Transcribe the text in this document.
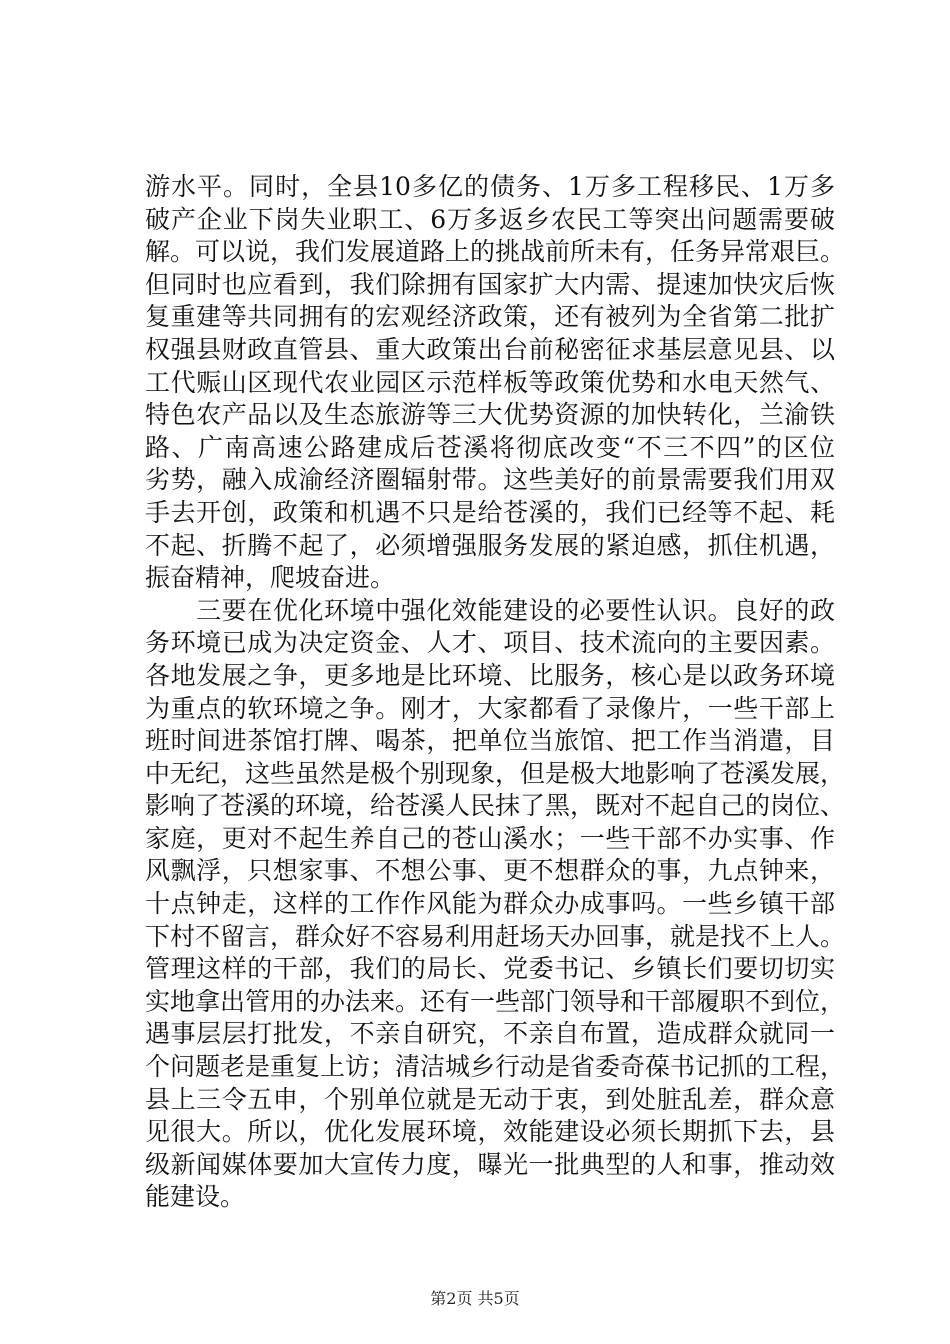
游水平。同时，全县10多亿的债务、1万多工程移民、1万多
破产企业下岗失业职工、6万多返乡农民工等突出问题需要破
解。可以说，我们发展道路上的挑战前所未有，任务异常艰巨。
但同时也应看到，我们除拥有国家扩大内需、提速加快灾后恢
复重建等共同拥有的宏观经济政策，还有被列为全省第二批扩
权强县财政直管县、重大政策出台前秘密征求基层意见县、以
工代赈山区现代农业园区示范样板等政策优势和水电天然气、
特色农产品以及生态旅游等三大优势资源的加快转化，兰渝铁
路、广南高速公路建成后苍溪将彻底改变“不三不四”的区位
劣势，融入成渝经济圈辐射带。这些美好的前景需要我们用双
手去开创，政策和机遇不只是给苍溪的，我们已经等不起、耗
不起、折腾不起了，必须增强服务发展的紧迫感，抓住机遇，
振奋精神，爬坡奋进。
　　三要在优化环境中强化效能建设的必要性认识。良好的政
务环境已成为决定资金、人才、项目、技术流向的主要因素。
各地发展之争，更多地是比环境、比服务，核心是以政务环境
为重点的软环境之争。刚才，大家都看了录像片，一些干部上
班时间进茶馆打牌、喝茶，把单位当旅馆、把工作当消遣，目
中无纪，这些虽然是极个别现象，但是极大地影响了苍溪发展，
影响了苍溪的环境，给苍溪人民抹了黑，既对不起自己的岗位、
家庭，更对不起生养自己的苍山溪水；一些干部不办实事、作
风飘浮，只想家事、不想公事、更不想群众的事，九点钟来，
十点钟走，这样的工作作风能为群众办成事吗。一些乡镇干部
下村不留言，群众好不容易利用赶场天办回事，就是找不上人。
管理这样的干部，我们的局长、党委书记、乡镇长们要切切实
实地拿出管用的办法来。还有一些部门领导和干部履职不到位，
遇事层层打批发，不亲自研究，不亲自布置，造成群众就同一
个问题老是重复上访；清洁城乡行动是省委奇葆书记抓的工程，
县上三令五申，个别单位就是无动于衷，到处脏乱差，群众意
见很大。所以，优化发展环境，效能建设必须长期抓下去，县
级新闻媒体要加大宣传力度，曝光一批典型的人和事，推动效
能建设。
第2页 共5页
